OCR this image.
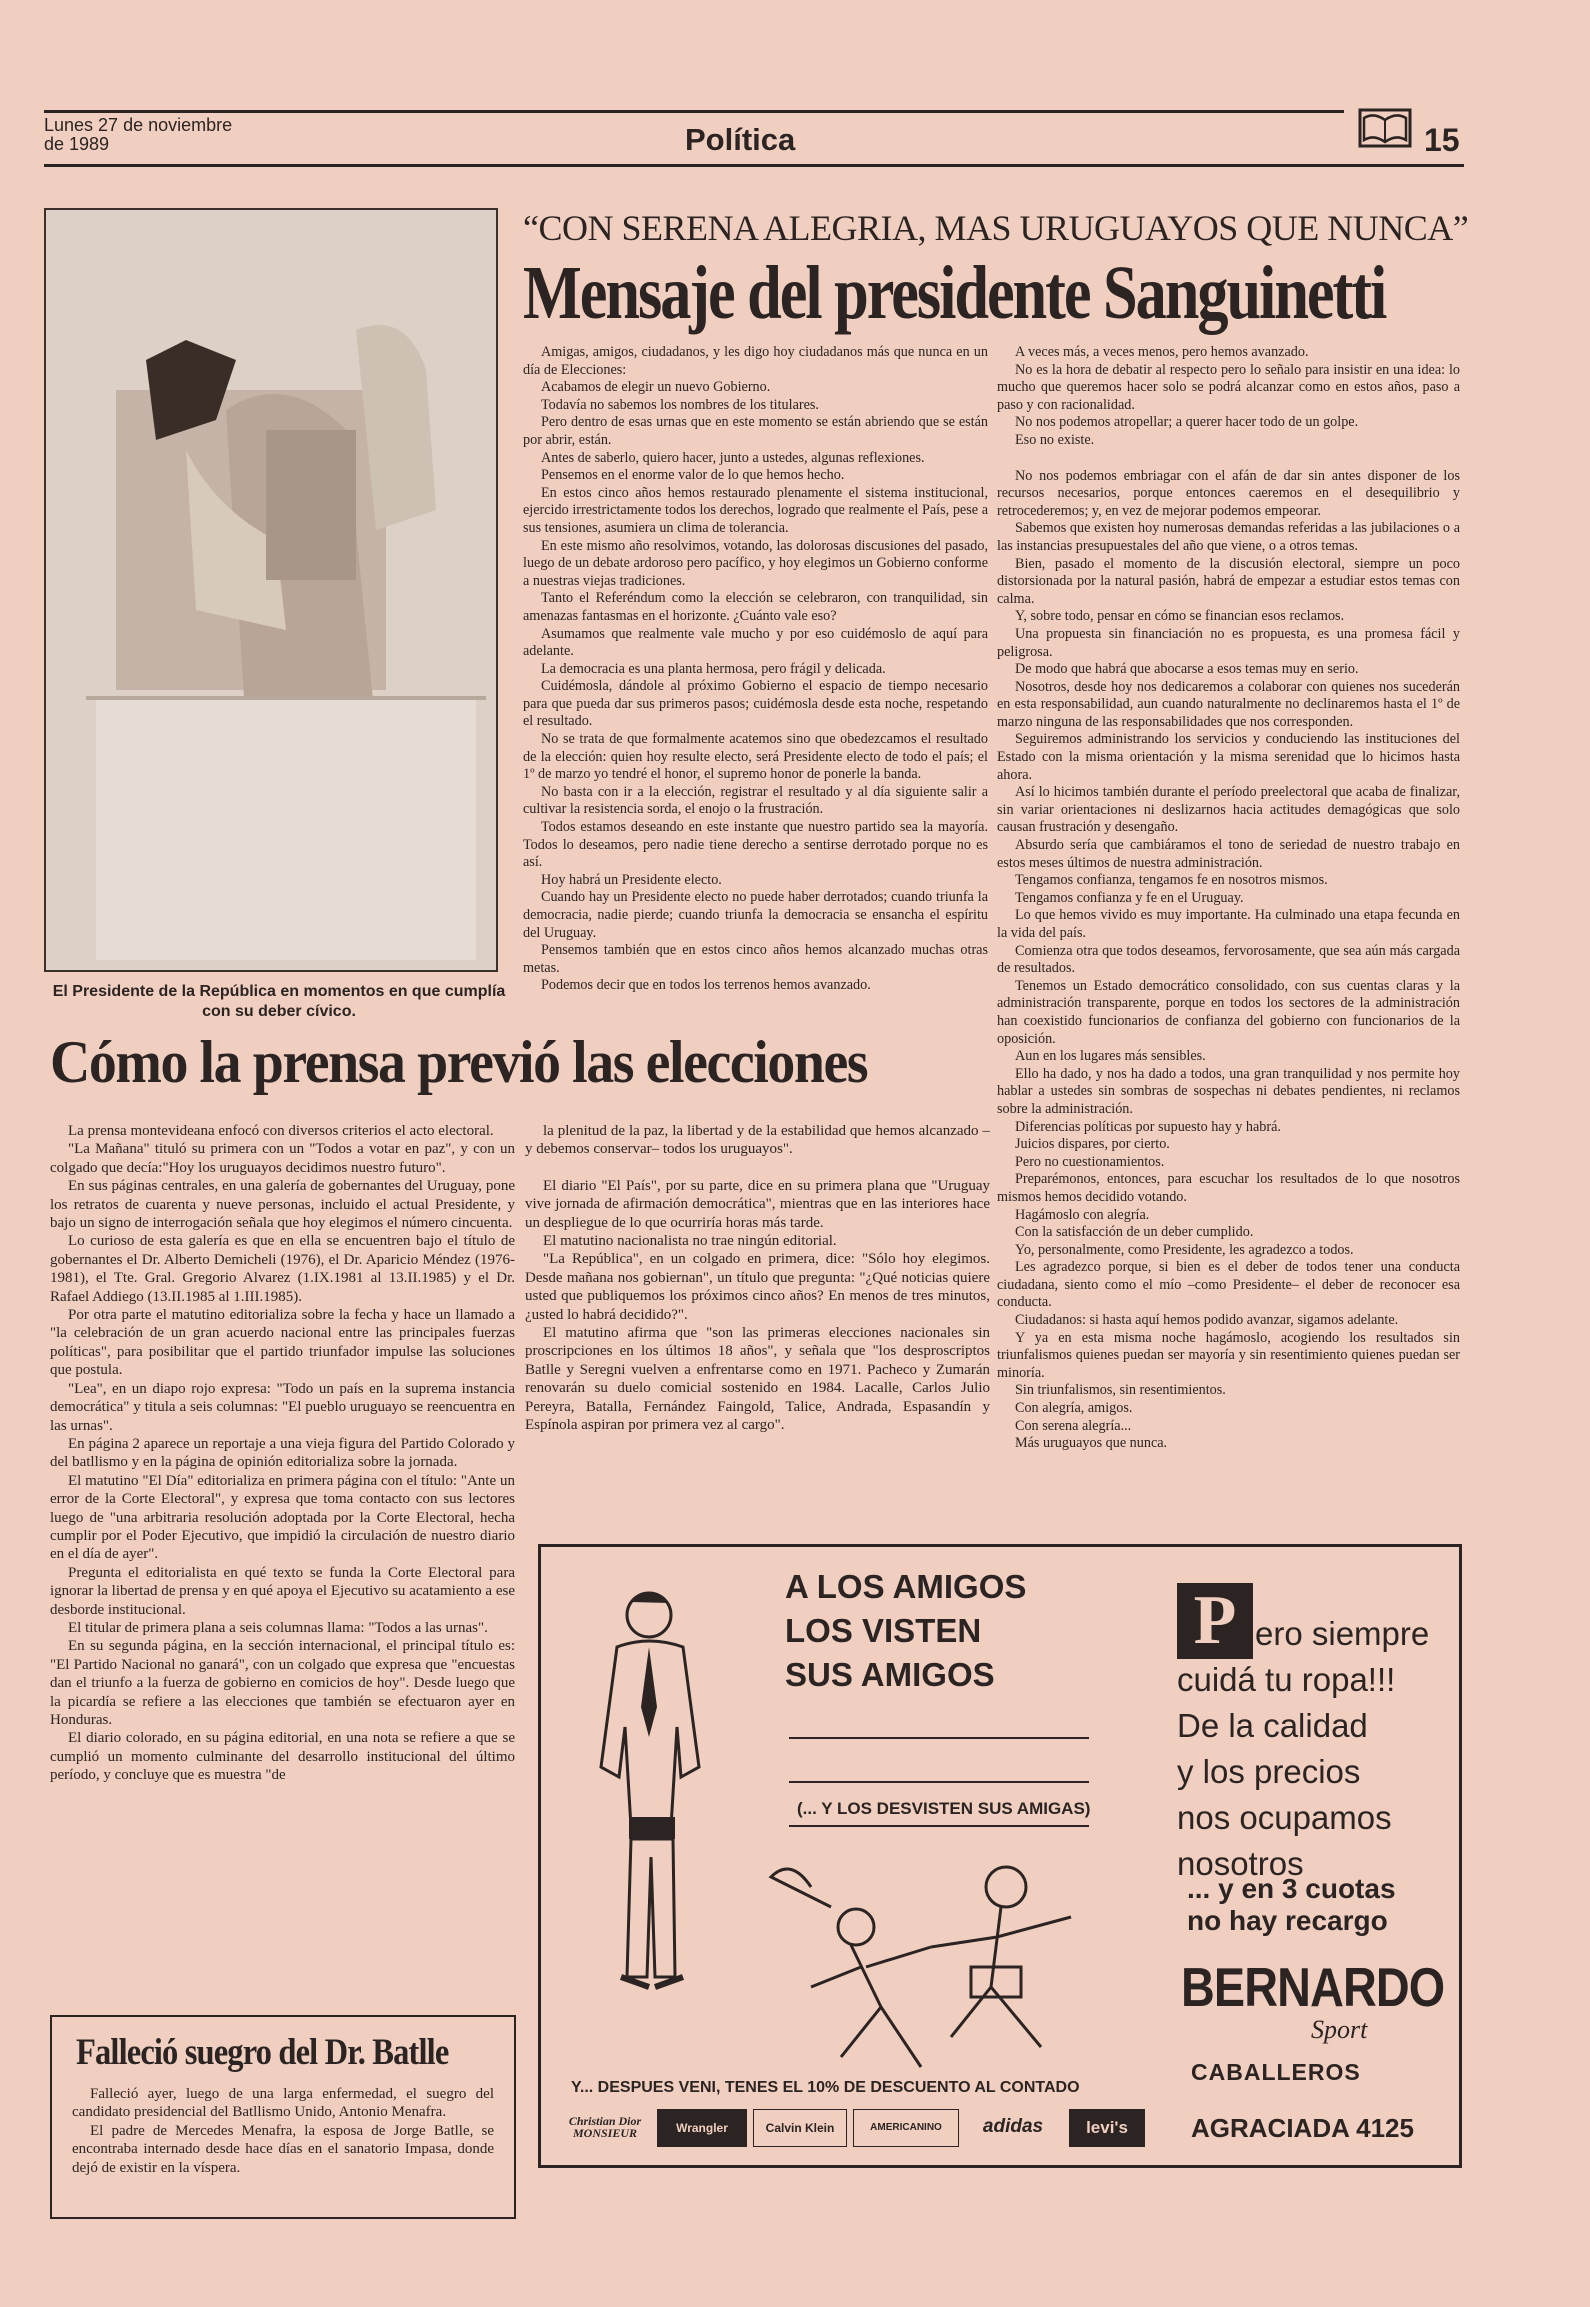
Lunes 27 de noviembre
de 1989	Política	15
El Presidente de la República en momentos en que cumplía con su deber cívico.
“CON SERENA ALEGRIA, MAS URUGUAYOS QUE NUNCA”
Mensaje del presidente Sanguinetti

Amigas, amigos, ciudadanos, y les digo hoy ciudadanos más que nunca en un día de Elecciones:

Acabamos de elegir un nuevo Gobierno.

Todavía no sabemos los nombres de los titulares.

Pero dentro de esas urnas que en este momento se están abriendo que se están por abrir, están.

Antes de saberlo, quiero hacer, junto a ustedes, algunas reflexiones.

Pensemos en el enorme valor de lo que hemos hecho.

En estos cinco años hemos restaurado plenamente el sistema institucional, ejercido irrestrictamente todos los derechos, logrado que realmente el País, pese a sus tensiones, asumiera un clima de tolerancia.

En este mismo año resolvimos, votando, las dolorosas discusiones del pasado, luego de un debate ardoroso pero pacífico, y hoy elegimos un Gobierno conforme a nuestras viejas tradiciones.

Tanto el Referéndum como la elección se celebraron, con tranquilidad, sin amenazas fantasmas en el horizonte. ¿Cuánto vale eso?

Asumamos que realmente vale mucho y por eso cuidémoslo de aquí para adelante.

La democracia es una planta hermosa, pero frágil y delicada.

Cuidémosla, dándole al próximo Gobierno el espacio de tiempo necesario para que pueda dar sus primeros pasos; cuidémosla desde esta noche, respetando el resultado.

No se trata de que formalmente acatemos sino que obedezcamos el resultado de la elección: quien hoy resulte electo, será Presidente electo de todo el país; el 1º de marzo yo tendré el honor, el supremo honor de ponerle la banda.

No basta con ir a la elección, registrar el resultado y al día siguiente salir a cultivar la resistencia sorda, el enojo o la frustración.

Todos estamos deseando en este instante que nuestro partido sea la mayoría. Todos lo deseamos, pero nadie tiene derecho a sentirse derrotado porque no es así.

Hoy habrá un Presidente electo.

Cuando hay un Presidente electo no puede haber derrotados; cuando triunfa la democracia, nadie pierde; cuando triunfa la democracia se ensancha el espíritu del Uruguay.

Pensemos también que en estos cinco años hemos alcanzado muchas otras metas.

Podemos decir que en todos los terrenos hemos avanzado.

A veces más, a veces menos, pero hemos avanzado.

No es la hora de debatir al respecto pero lo señalo para insistir en una idea: lo mucho que queremos hacer solo se podrá alcanzar como en estos años, paso a paso y con racionalidad.

No nos podemos atropellar; a querer hacer todo de un golpe.

Eso no existe.

No nos podemos embriagar con el afán de dar sin antes disponer de los recursos necesarios, porque entonces caeremos en el desequilibrio y retrocederemos; y, en vez de mejorar podemos empeorar.

Sabemos que existen hoy numerosas demandas referidas a las jubilaciones o a las instancias presupuestales del año que viene, o a otros temas.

Bien, pasado el momento de la discusión electoral, siempre un poco distorsionada por la natural pasión, habrá de empezar a estudiar estos temas con calma.

Y, sobre todo, pensar en cómo se financian esos reclamos.

Una propuesta sin financiación no es propuesta, es una promesa fácil y peligrosa.

De modo que habrá que abocarse a esos temas muy en serio.

Nosotros, desde hoy nos dedicaremos a colaborar con quienes nos sucederán en esta responsabilidad, aun cuando naturalmente no declinaremos hasta el 1º de marzo ninguna de las responsabilidades que nos corresponden.

Seguiremos administrando los servicios y conduciendo las instituciones del Estado con la misma orientación y la misma serenidad que lo hicimos hasta ahora.

Así lo hicimos también durante el período preelectoral que acaba de finalizar, sin variar orientaciones ni deslizarnos hacia actitudes demagógicas que solo causan frustración y desengaño.

Absurdo sería que cambiáramos el tono de seriedad de nuestro trabajo en estos meses últimos de nuestra administración.

Tengamos confianza, tengamos fe en nosotros mismos.

Tengamos confianza y fe en el Uruguay.

Lo que hemos vivido es muy importante. Ha culminado una etapa fecunda en la vida del país.

Comienza otra que todos deseamos, fervorosamente, que sea aún más cargada de resultados.

Tenemos un Estado democrático consolidado, con sus cuentas claras y la administración transparente, porque en todos los sectores de la administración han coexistido funcionarios de confianza del gobierno con funcionarios de la oposición.

Aun en los lugares más sensibles.

Ello ha dado, y nos ha dado a todos, una gran tranquilidad y nos permite hoy hablar a ustedes sin sombras de sospechas ni debates pendientes, ni reclamos sobre la administración.

Diferencias políticas por supuesto hay y habrá.

Juicios dispares, por cierto.

Pero no cuestionamientos.

Preparémonos, entonces, para escuchar los resultados de lo que nosotros mismos hemos decidido votando.

Hagámoslo con alegría.

Con la satisfacción de un deber cumplido.

Yo, personalmente, como Presidente, les agradezco a todos.

Les agradezco porque, si bien es el deber de todos tener una conducta ciudadana, siento como el mío –como Presidente– el deber de reconocer esa conducta.

Ciudadanos: si hasta aquí hemos podido avanzar, sigamos adelante.

Y ya en esta misma noche hagámoslo, acogiendo los resultados sin triunfalismos quienes puedan ser mayoría y sin resentimiento quienes puedan ser minoría.

Sin triunfalismos, sin resentimientos.

Con alegría, amigos.

Con serena alegría...

Más uruguayos que nunca.

Cómo la prensa previó las elecciones

La prensa montevideana enfocó con diversos criterios el acto electoral.

"La Mañana" tituló su primera con un "Todos a votar en paz", y con un colgado que decía:"Hoy los uruguayos decidimos nuestro futuro".

En sus páginas centrales, en una galería de gobernantes del Uruguay, pone los retratos de cuarenta y nueve personas, incluido el actual Presidente, y bajo un signo de interrogación señala que hoy elegimos el número cincuenta.

Lo curioso de esta galería es que en ella se encuentren bajo el título de gobernantes el Dr. Alberto Demicheli (1976), el Dr. Aparicio Méndez (1976-1981), el Tte. Gral. Gregorio Alvarez (1.IX.1981 al 13.II.1985) y el Dr. Rafael Addiego (13.II.1985 al 1.III.1985).

Por otra parte el matutino editorializa sobre la fecha y hace un llamado a "la celebración de un gran acuerdo nacional entre las principales fuerzas políticas", para posibilitar que el partido triunfador impulse las soluciones que postula.

"Lea", en un diapo rojo expresa: "Todo un país en la suprema instancia democrática" y titula a seis columnas: "El pueblo uruguayo se reencuentra en las urnas".

En página 2 aparece un reportaje a una vieja figura del Partido Colorado y del batllismo y en la página de opinión editorializa sobre la jornada.

El matutino "El Día" editorializa en primera página con el título: "Ante un error de la Corte Electoral", y expresa que toma contacto con sus lectores luego de "una arbitraria resolución adoptada por la Corte Electoral, hecha cumplir por el Poder Ejecutivo, que impidió la circulación de nuestro diario en el día de ayer".

Pregunta el editorialista en qué texto se funda la Corte Electoral para ignorar la libertad de prensa y en qué apoya el Ejecutivo su acatamiento a ese desborde institucional.

El titular de primera plana a seis columnas llama: "Todos a las urnas".

En su segunda página, en la sección internacional, el principal título es: "El Partido Nacional no ganará", con un colgado que expresa que "encuestas dan el triunfo a la fuerza de gobierno en comicios de hoy". Desde luego que la picardía se refiere a las elecciones que también se efectuaron ayer en Honduras.

El diario colorado, en su página editorial, en una nota se refiere a que se cumplió un momento culminante del desarrollo institucional del último período, y concluye que es muestra "de

la plenitud de la paz, la libertad y de la estabilidad que hemos alcanzado –y debemos conservar– todos los uruguayos".

El diario "El País", por su parte, dice en su primera plana que "Uruguay vive jornada de afirmación democrática", mientras que en las interiores hace un despliegue de lo que ocurriría horas más tarde.

El matutino nacionalista no trae ningún editorial.

"La República", en un colgado en primera, dice: "Sólo hoy elegimos. Desde mañana nos gobiernan", un título que pregunta: "¿Qué noticias quiere usted que publiquemos los próximos cinco años? En menos de tres minutos, ¿usted lo habrá decidido?".

El matutino afirma que "son las primeras elecciones nacionales sin proscripciones en los últimos 18 años", y señala que "los desproscriptos Batlle y Seregni vuelven a enfrentarse como en 1971. Pacheco y Zumarán renovarán su duelo comicial sostenido en 1984. Lacalle, Carlos Julio Pereyra, Batalla, Fernández Faingold, Talice, Andrada, Espasandín y Espínola aspiran por primera vez al cargo".

Falleció suegro del Dr. Batlle

Falleció ayer, luego de una larga enfermedad, el suegro del candidato presidencial del Batllismo Unido, Antonio Menafra.

El padre de Mercedes Menafra, la esposa de Jorge Batlle, se encontraba internado desde hace días en el sanatorio Impasa, donde dejó de existir en la víspera.

A LOS AMIGOS
LOS VISTEN
SUS AMIGOS
(... Y LOS DESVISTEN SUS AMIGAS)
Y... DESPUES VENI, TENES EL 10% DE DESCUENTO AL CONTADO
Christian Dior MONSIEUR	Wrangler	Calvin Klein	AMERICANINO	adidas	levi's
P ero siempre
cuidá tu ropa!!!
De la calidad
y los precios
nos ocupamos
nosotros
... y en 3 cuotas
no hay recargo
BERNARDO
Sport
CABALLEROS
AGRACIADA 4125
